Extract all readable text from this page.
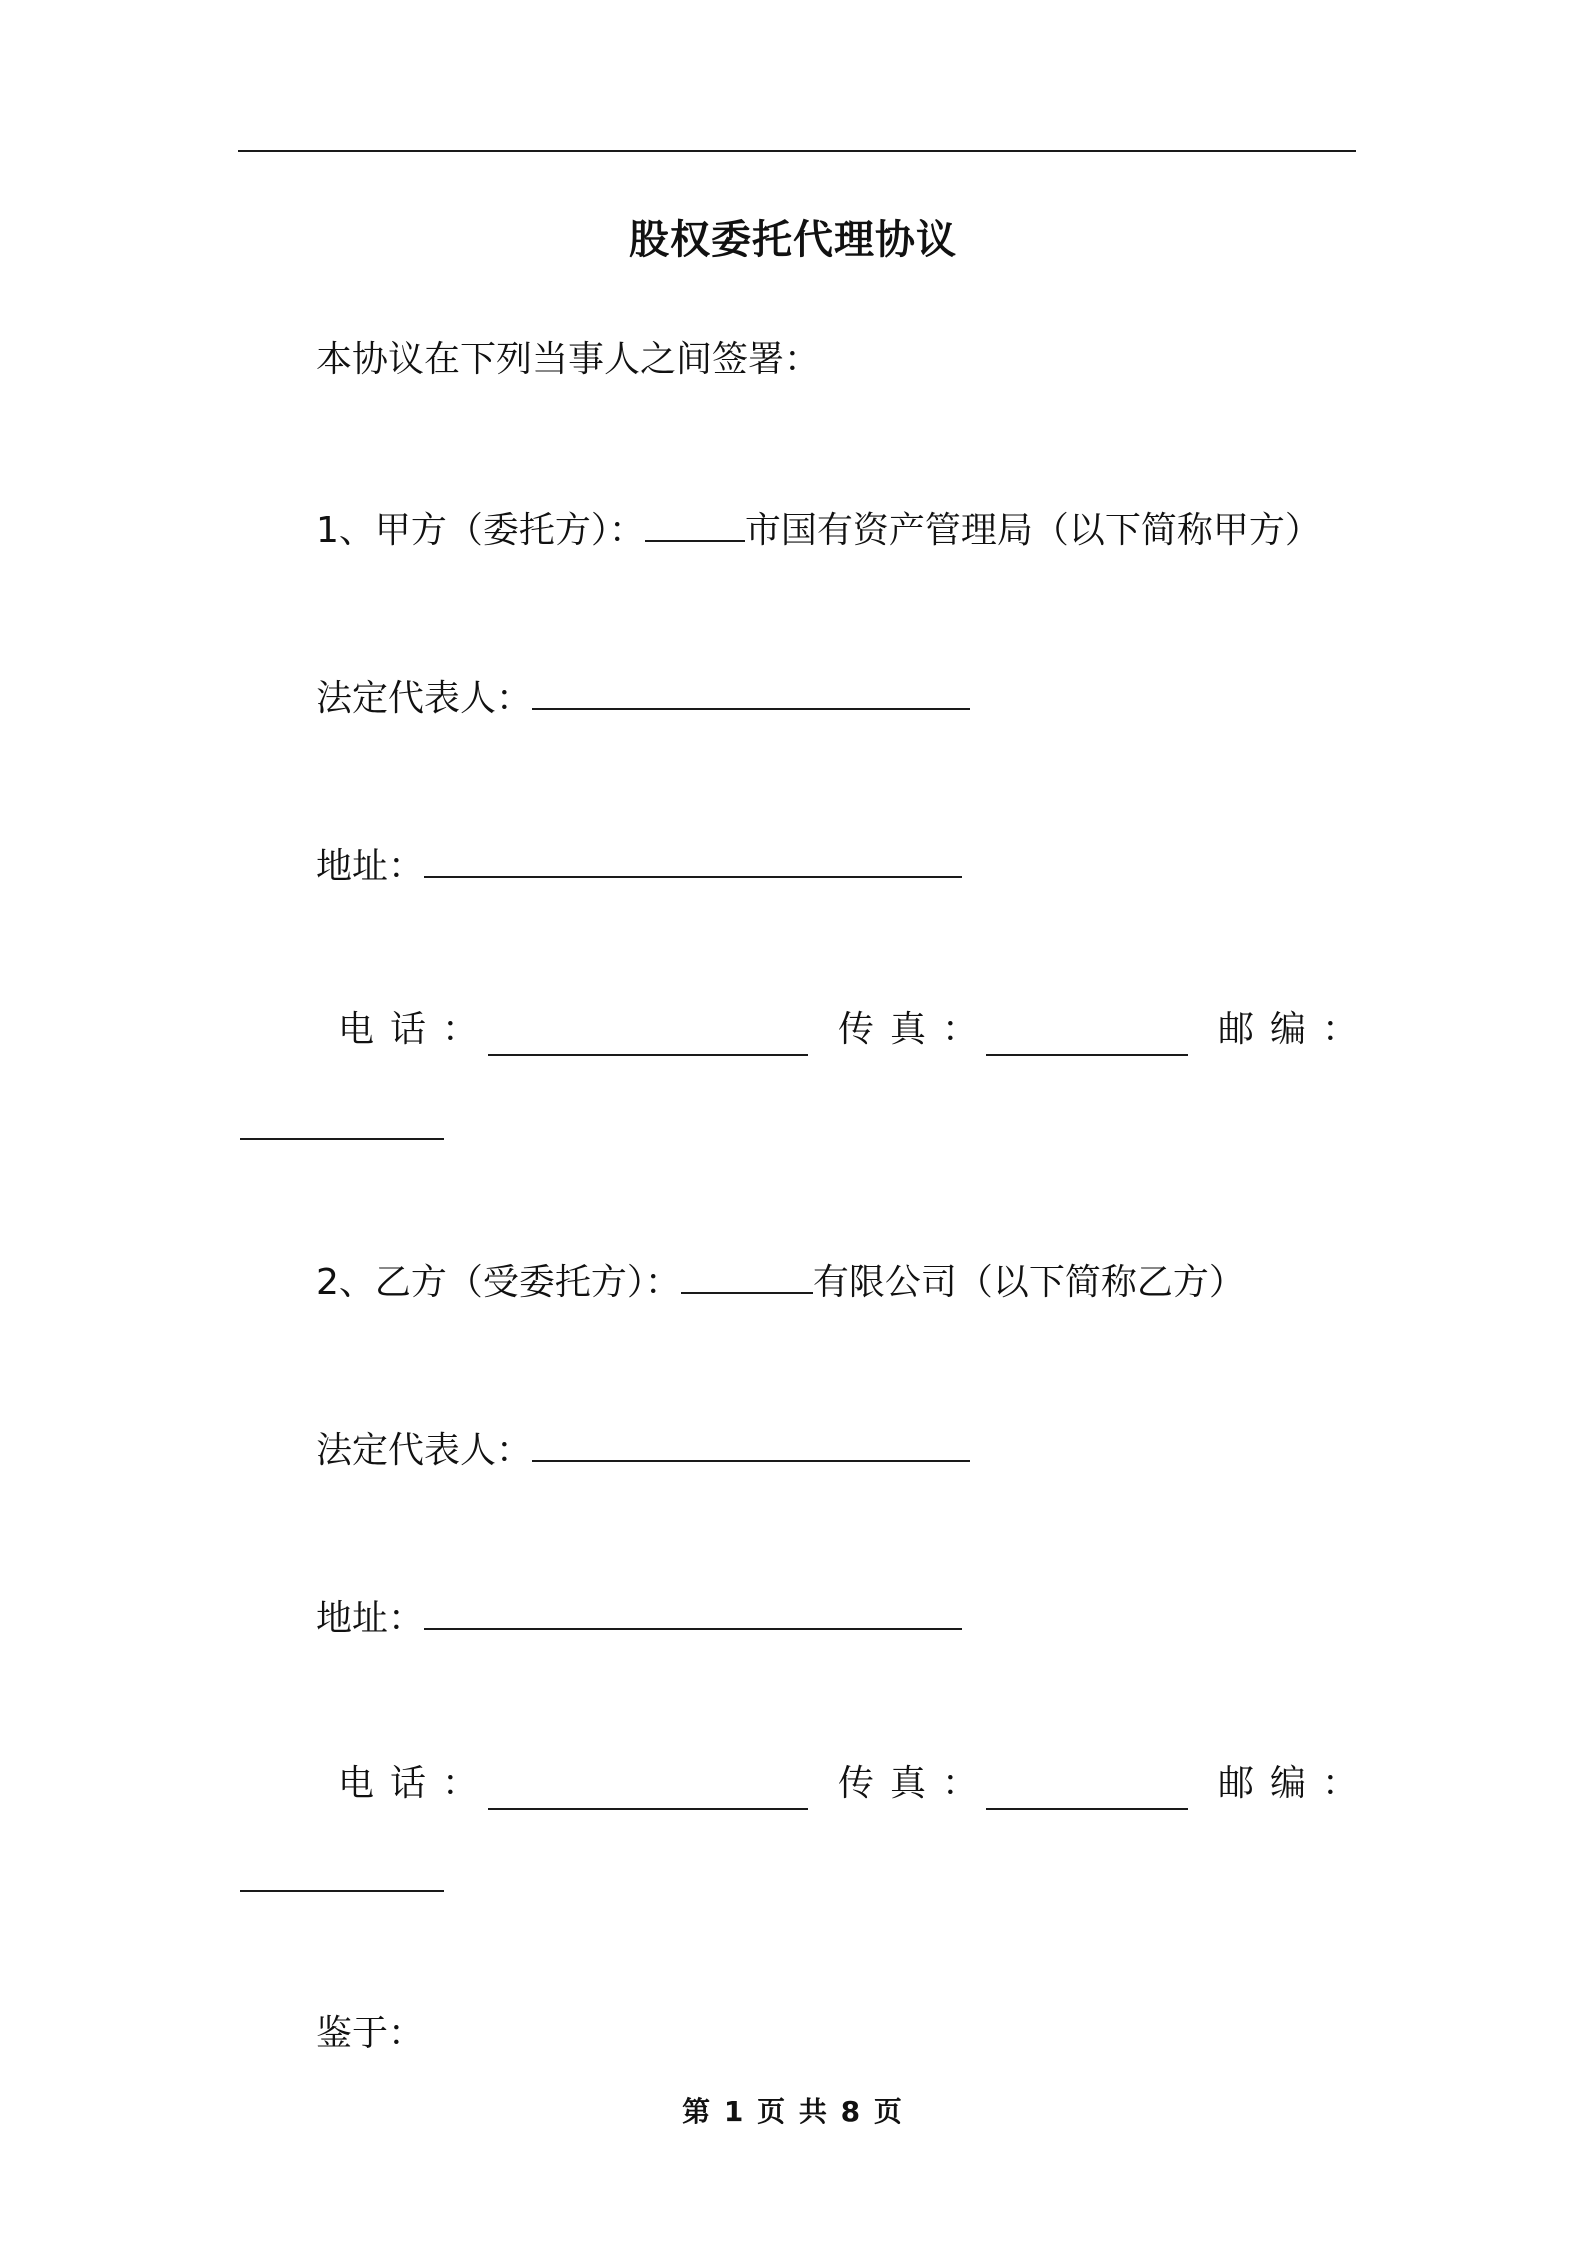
股权委托代理协议
本协议在下列当事人之间签署：
1、甲方（委托方）：	市国有资产管理局（以下简称甲方）
法定代表人：
地址：
电话：	传真：	邮编：
2、乙方（受委托方）：	有限公司（以下简称乙方）
法定代表人：
地址：
电话：	传真：	邮编：
鉴于：
第 1 页 共 8 页
